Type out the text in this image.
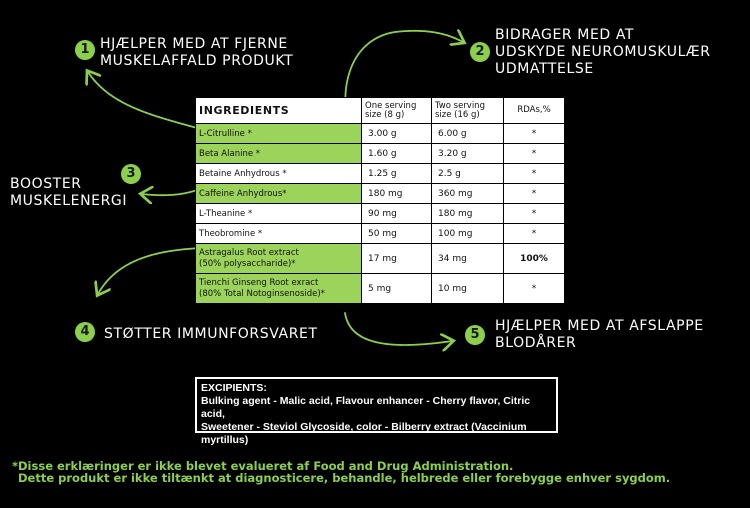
1 HJÆLPER MED AT FJERNE
MUSKELAFFALD PRODUKT
2
BIDRAGER MED AT
UDSKYDE NEUROMUSKULÆR
UDMATTELSE
3
BOOSTER
MUSKELENERGI
4	STØTTER IMMUNFORSVARET	5
HJÆLPER MED AT AFSLAPPE
BLODÅRER
INGREDIENTS	One serving size (8 g)	Two serving size (16 g)	RDAs,%
L-Citrulline *	3.00 g	6.00 g	*
Beta Alanine *	1.60 g	3.20 g	*
Betaine Anhydrous *	1.25 g	2.5 g	*
Caffeine Anhydrous*	180 mg	360 mg	*
L-Theanine *	90 mg	180 mg	*
Theobromine *	50 mg	100 mg	*
Astragalus Root extract
(50% polysaccharide)*	17 mg	34 mg	100%
Tienchi Ginseng Root exract
(80% Total Notoginsenoside)*	5 mg	10 mg	*
EXCIPIENTS:
Bulking agent - Malic acid, Flavour enhancer - Cherry flavor, Citric acid,
Sweetener - Steviol Glycoside, color - Bilberry extract (Vaccinium myrtillus)
*Disse erklæringer er ikke blevet evalueret af Food and Drug Administration.
Dette produkt er ikke tiltænkt at diagnosticere, behandle, helbrede eller forebygge enhver sygdom.
